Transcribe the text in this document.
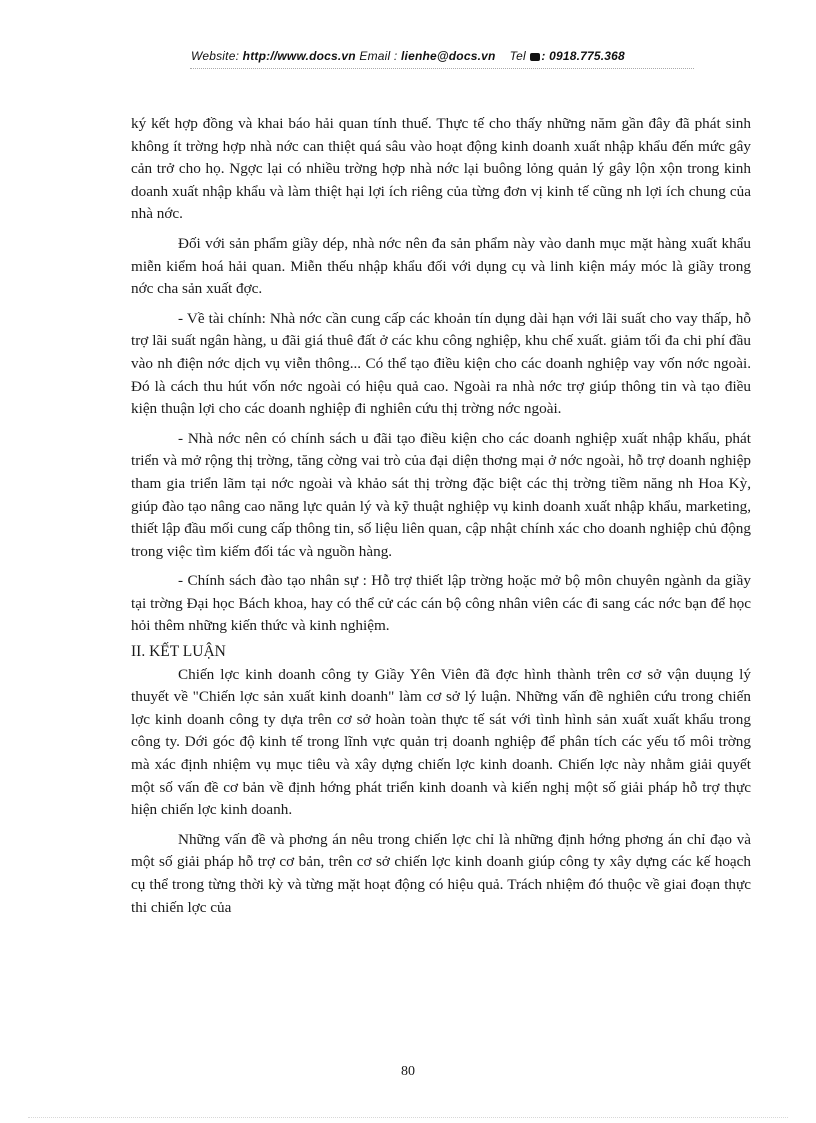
Website: http://www.docs.vn Email : lienhe@docs.vn Tel : 0918.775.368

ký kết hợp đồng và khai báo hải quan tính thuế. Thực tế cho thấy những năm gần đây đã phát sinh không ít trờng hợp nhà nớc can thiệt quá sâu vào hoạt động kinh doanh xuất nhập khẩu đến mức gây cản trở cho họ. Ngợc lại có nhiều trờng hợp nhà nớc lại buông lỏng quản lý gây lộn xộn trong kinh doanh xuất nhập khẩu và làm thiệt hại lợi ích riêng của từng đơn vị kinh tế cũng nh lợi ích chung của nhà nớc.

Đối với sản phẩm giầy dép, nhà nớc nên đa sản phẩm này vào danh mục mặt hàng xuất khẩu miễn kiểm hoá hải quan. Miễn thếu nhập khẩu đối với dụng cụ và linh kiện máy móc là giầy trong nớc cha sản xuất đợc.

- Về tài chính: Nhà nớc cần cung cấp các khoản tín dụng dài hạn với lãi suất cho vay thấp, hỗ trợ lãi suất ngân hàng, u đãi giá thuê đất ở các khu công nghiệp, khu chế xuất. giảm tối đa chi phí đầu vào nh điện nớc dịch vụ viễn thông... Có thể tạo điều kiện cho các doanh nghiệp vay vốn nớc ngoài. Đó là cách thu hút vốn nớc ngoài có hiệu quả cao. Ngoài ra nhà nớc trợ giúp thông tin và tạo điều kiện thuận lợi cho các doanh nghiệp đi nghiên cứu thị trờng nớc ngoài.

- Nhà nớc nên có chính sách u đãi tạo điều kiện cho các doanh nghiệp xuất nhập khẩu, phát triển và mở rộng thị trờng, tăng cờng vai trò của đại diện thơng mại ở nớc ngoài, hỗ trợ doanh nghiệp tham gia triển lãm tại nớc ngoài và khảo sát thị trờng đặc biệt các thị trờng tiềm năng nh Hoa Kỳ, giúp đào tạo nâng cao năng lực quản lý và kỹ thuật nghiệp vụ kinh doanh xuất nhập khẩu, marketing, thiết lập đầu mối cung cấp thông tin, số liệu liên quan, cập nhật chính xác cho doanh nghiệp chủ động trong việc tìm kiếm đối tác và nguồn hàng.

- Chính sách đào tạo nhân sự : Hỗ trợ thiết lập trờng hoặc mở bộ môn chuyên ngành da giầy tại trờng Đại học Bách khoa, hay có thể cử các cán bộ công nhân viên các đi sang các nớc bạn để học hỏi thêm những kiến thức và kinh nghiệm.

II. KẾT LUẬN

Chiến lợc kinh doanh công ty Giầy Yên Viên đã đợc hình thành trên cơ sở vận duụng lý thuyết về "Chiến lợc sản xuất kinh doanh" làm cơ sở lý luận. Những vấn đề nghiên cứu trong chiến lợc kinh doanh công ty dựa trên cơ sở hoàn toàn thực tế sát với tình hình sản xuất xuất khẩu trong công ty. Dới góc độ kinh tế trong lĩnh vực quản trị doanh nghiệp để phân tích các yếu tố môi trờng mà xác định nhiệm vụ mục tiêu và xây dựng chiến lợc kinh doanh. Chiến lợc này nhằm giải quyết một số vấn đề cơ bản về định hớng phát triển kinh doanh và kiến nghị một số giải pháp hỗ trợ thực hiện chiến lợc kinh doanh.

Những vấn đề và phơng án nêu trong chiến lợc chỉ là những định hớng phơng án chỉ đạo và một số giải pháp hỗ trợ cơ bản, trên cơ sở chiến lợc kinh doanh giúp công ty xây dựng các kế hoạch cụ thể trong từng thời kỳ và từng mặt hoạt động có hiệu quả. Trách nhiệm đó thuộc về giai đoạn thực thi chiến lợc của

80
